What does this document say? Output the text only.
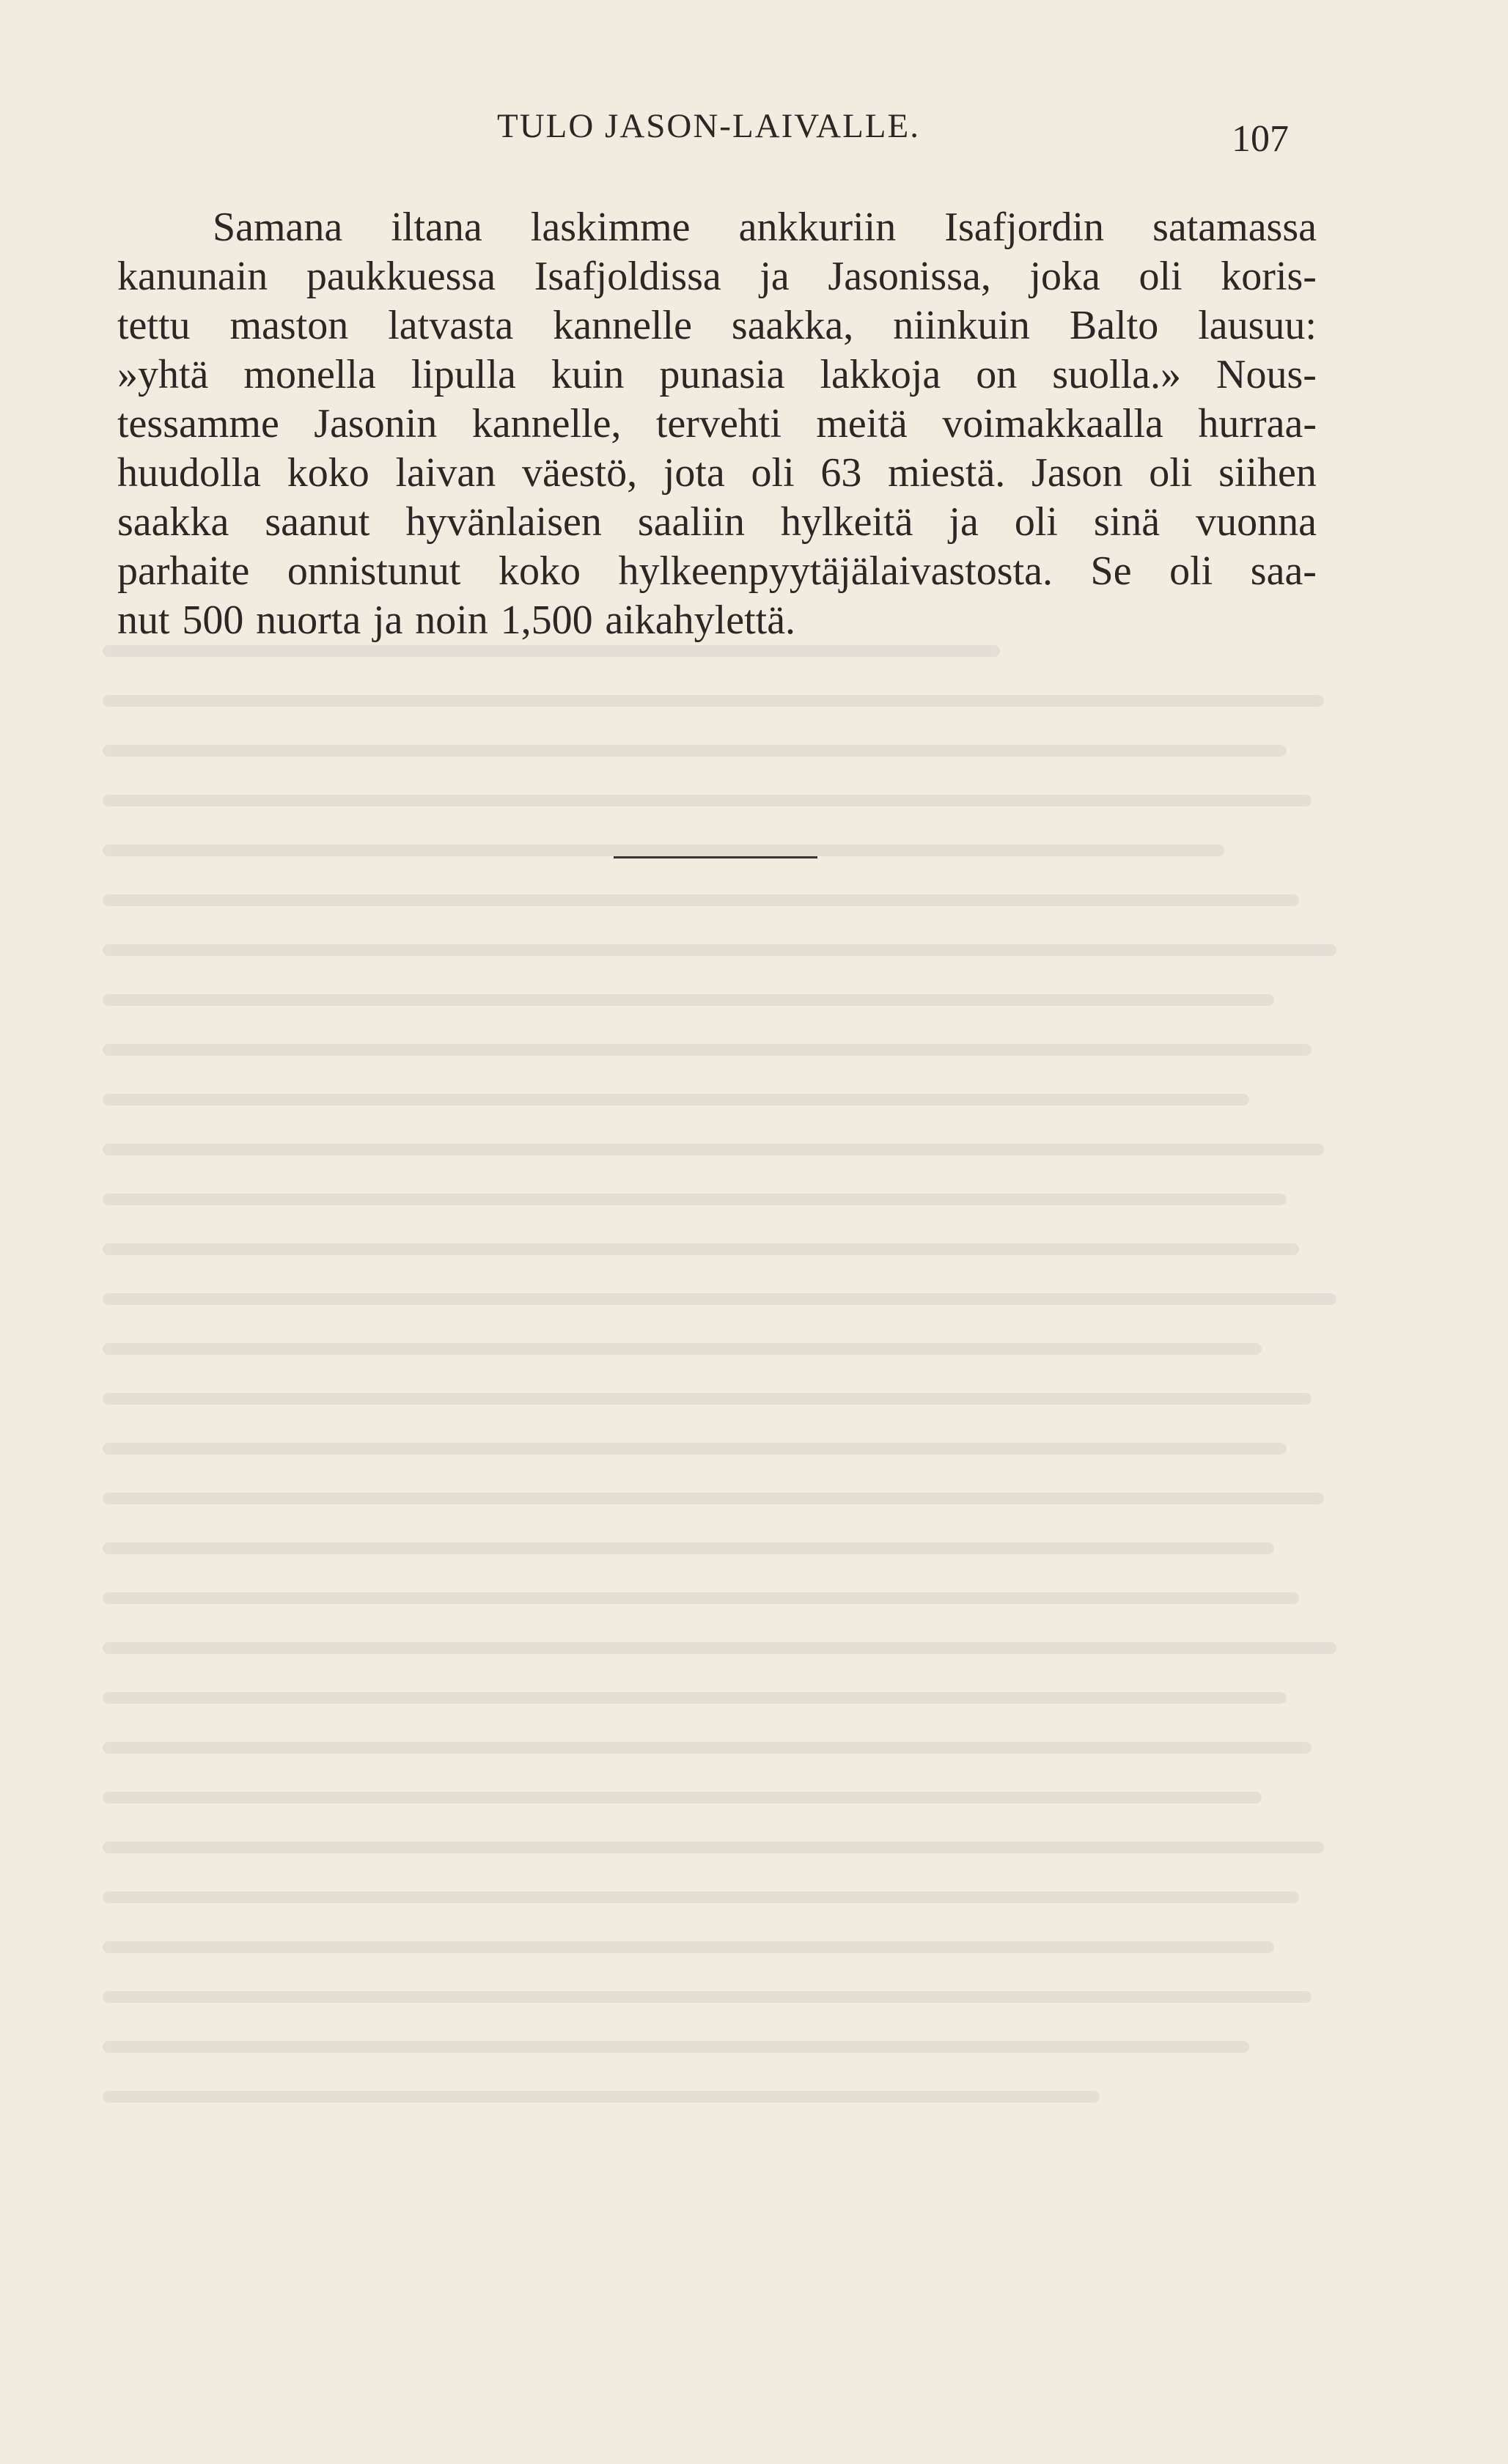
TULO JASON-LAIVALLE.	107
Samana iltana laskimme ankkuriin Isafjordin satamassa
kanunain paukkuessa Isafjoldissa ja Jasonissa, joka oli koris-
tettu maston latvasta kannelle saakka, niinkuin Balto lausuu:
»yhtä monella lipulla kuin punasia lakkoja on suolla.» Nous-
tessamme Jasonin kannelle, tervehti meitä voimakkaalla hurraa-
huudolla koko laivan väestö, jota oli 63 miestä. Jason oli siihen
saakka saanut hyvänlaisen saaliin hylkeitä ja oli sinä vuonna
parhaite onnistunut koko hylkeenpyytäjälaivastosta. Se oli saa-
nut 500 nuorta ja noin 1,500 aikahylettä.
